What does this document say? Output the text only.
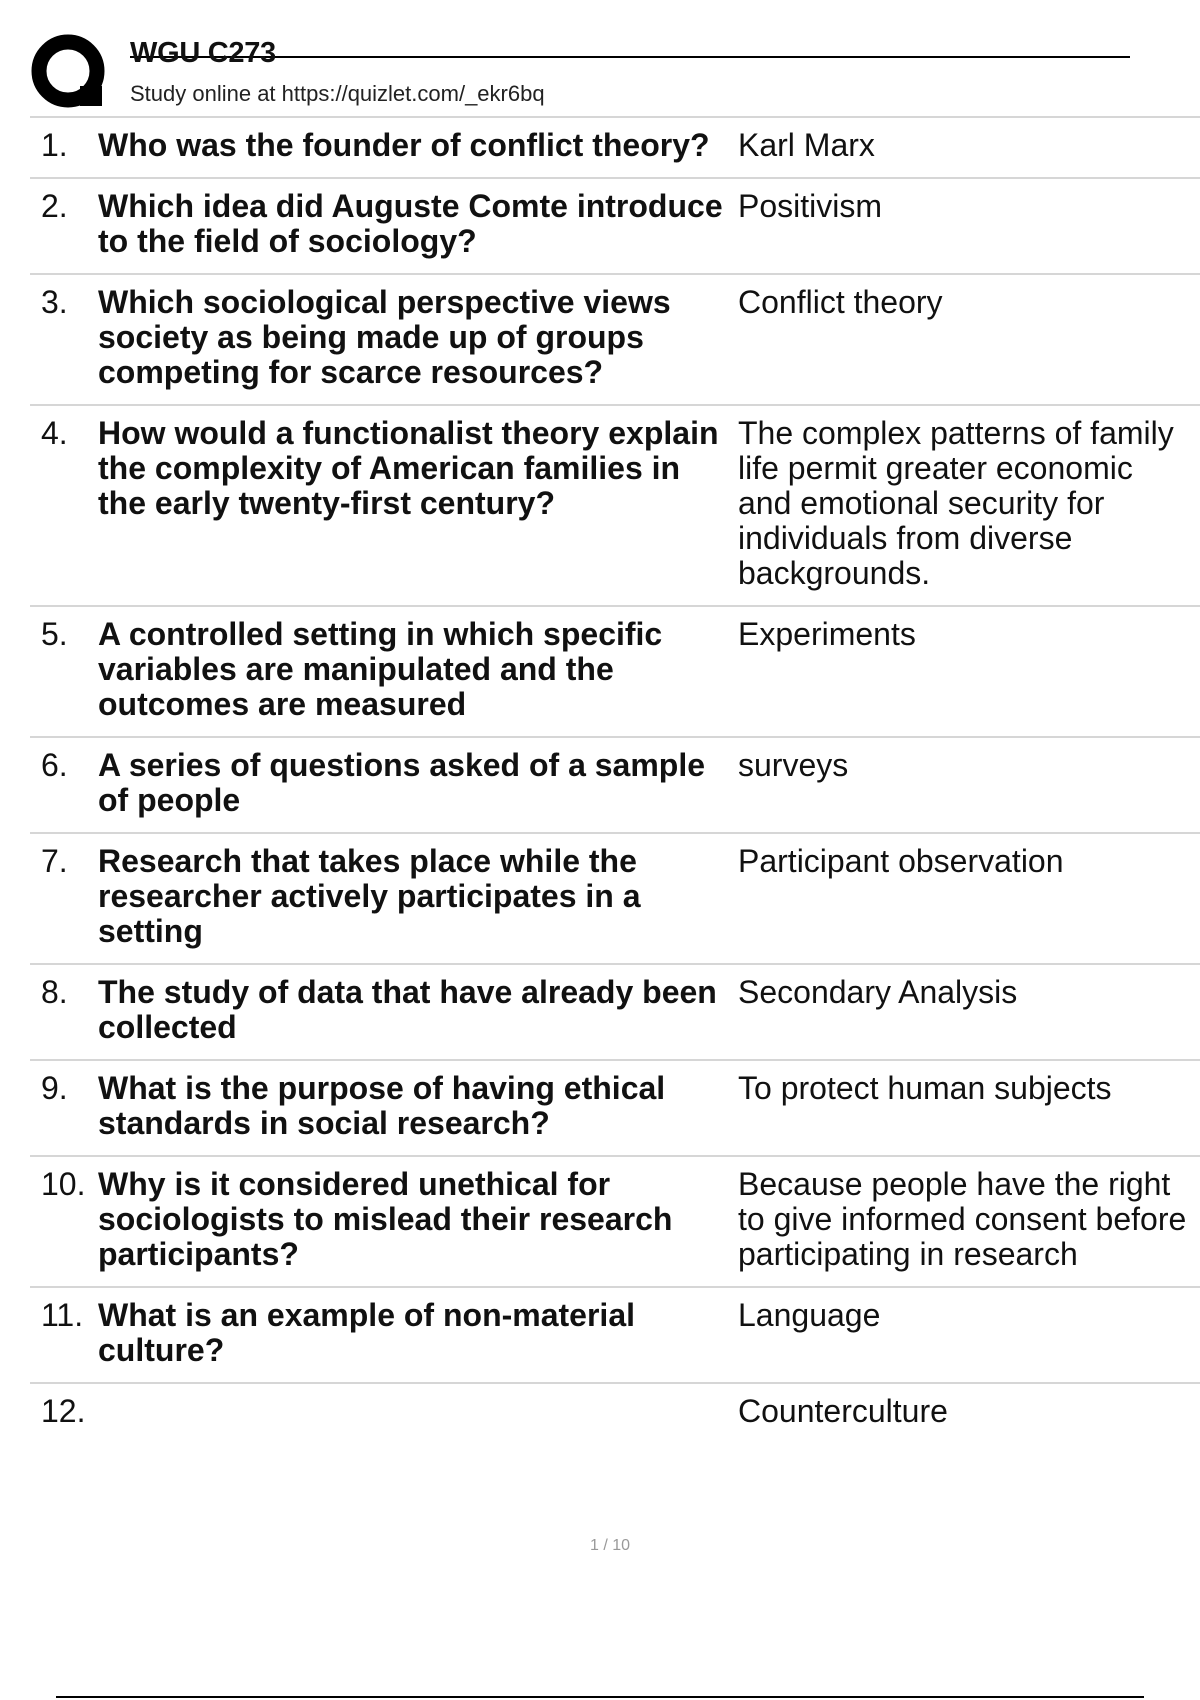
WGU C273
Study online at https://quizlet.com/_ekr6bq
1. Who was the founder of conflict theory? Karl Marx
2. Which idea did Auguste Comte introduce to the field of sociology?
Positivism
3. Which sociological perspective views society as being made up of groups competing for scarce resources?
Conflict theory
4. How would a functionalist theory explain the complexity of American families in the early twenty-first century?
The complex patterns of family life permit greater economic and emotional security for individuals from diverse backgrounds.
5. A controlled setting in which specific variables are manipulated and the outcomes are measured
Experiments
6. A series of questions asked of a sample of people
surveys
7. Research that takes place while the researcher actively participates in a setting
Participant observation
8. The study of data that have already been collected
Secondary Analysis
9. What is the purpose of having ethical standards in social research?
To protect human subjects
10. Why is it considered unethical for sociologists to mislead their research participants?
Because people have the right to give informed consent before participating in research
11. What is an example of non-material culture?
Language
12.	Counterculture
1 / 10
